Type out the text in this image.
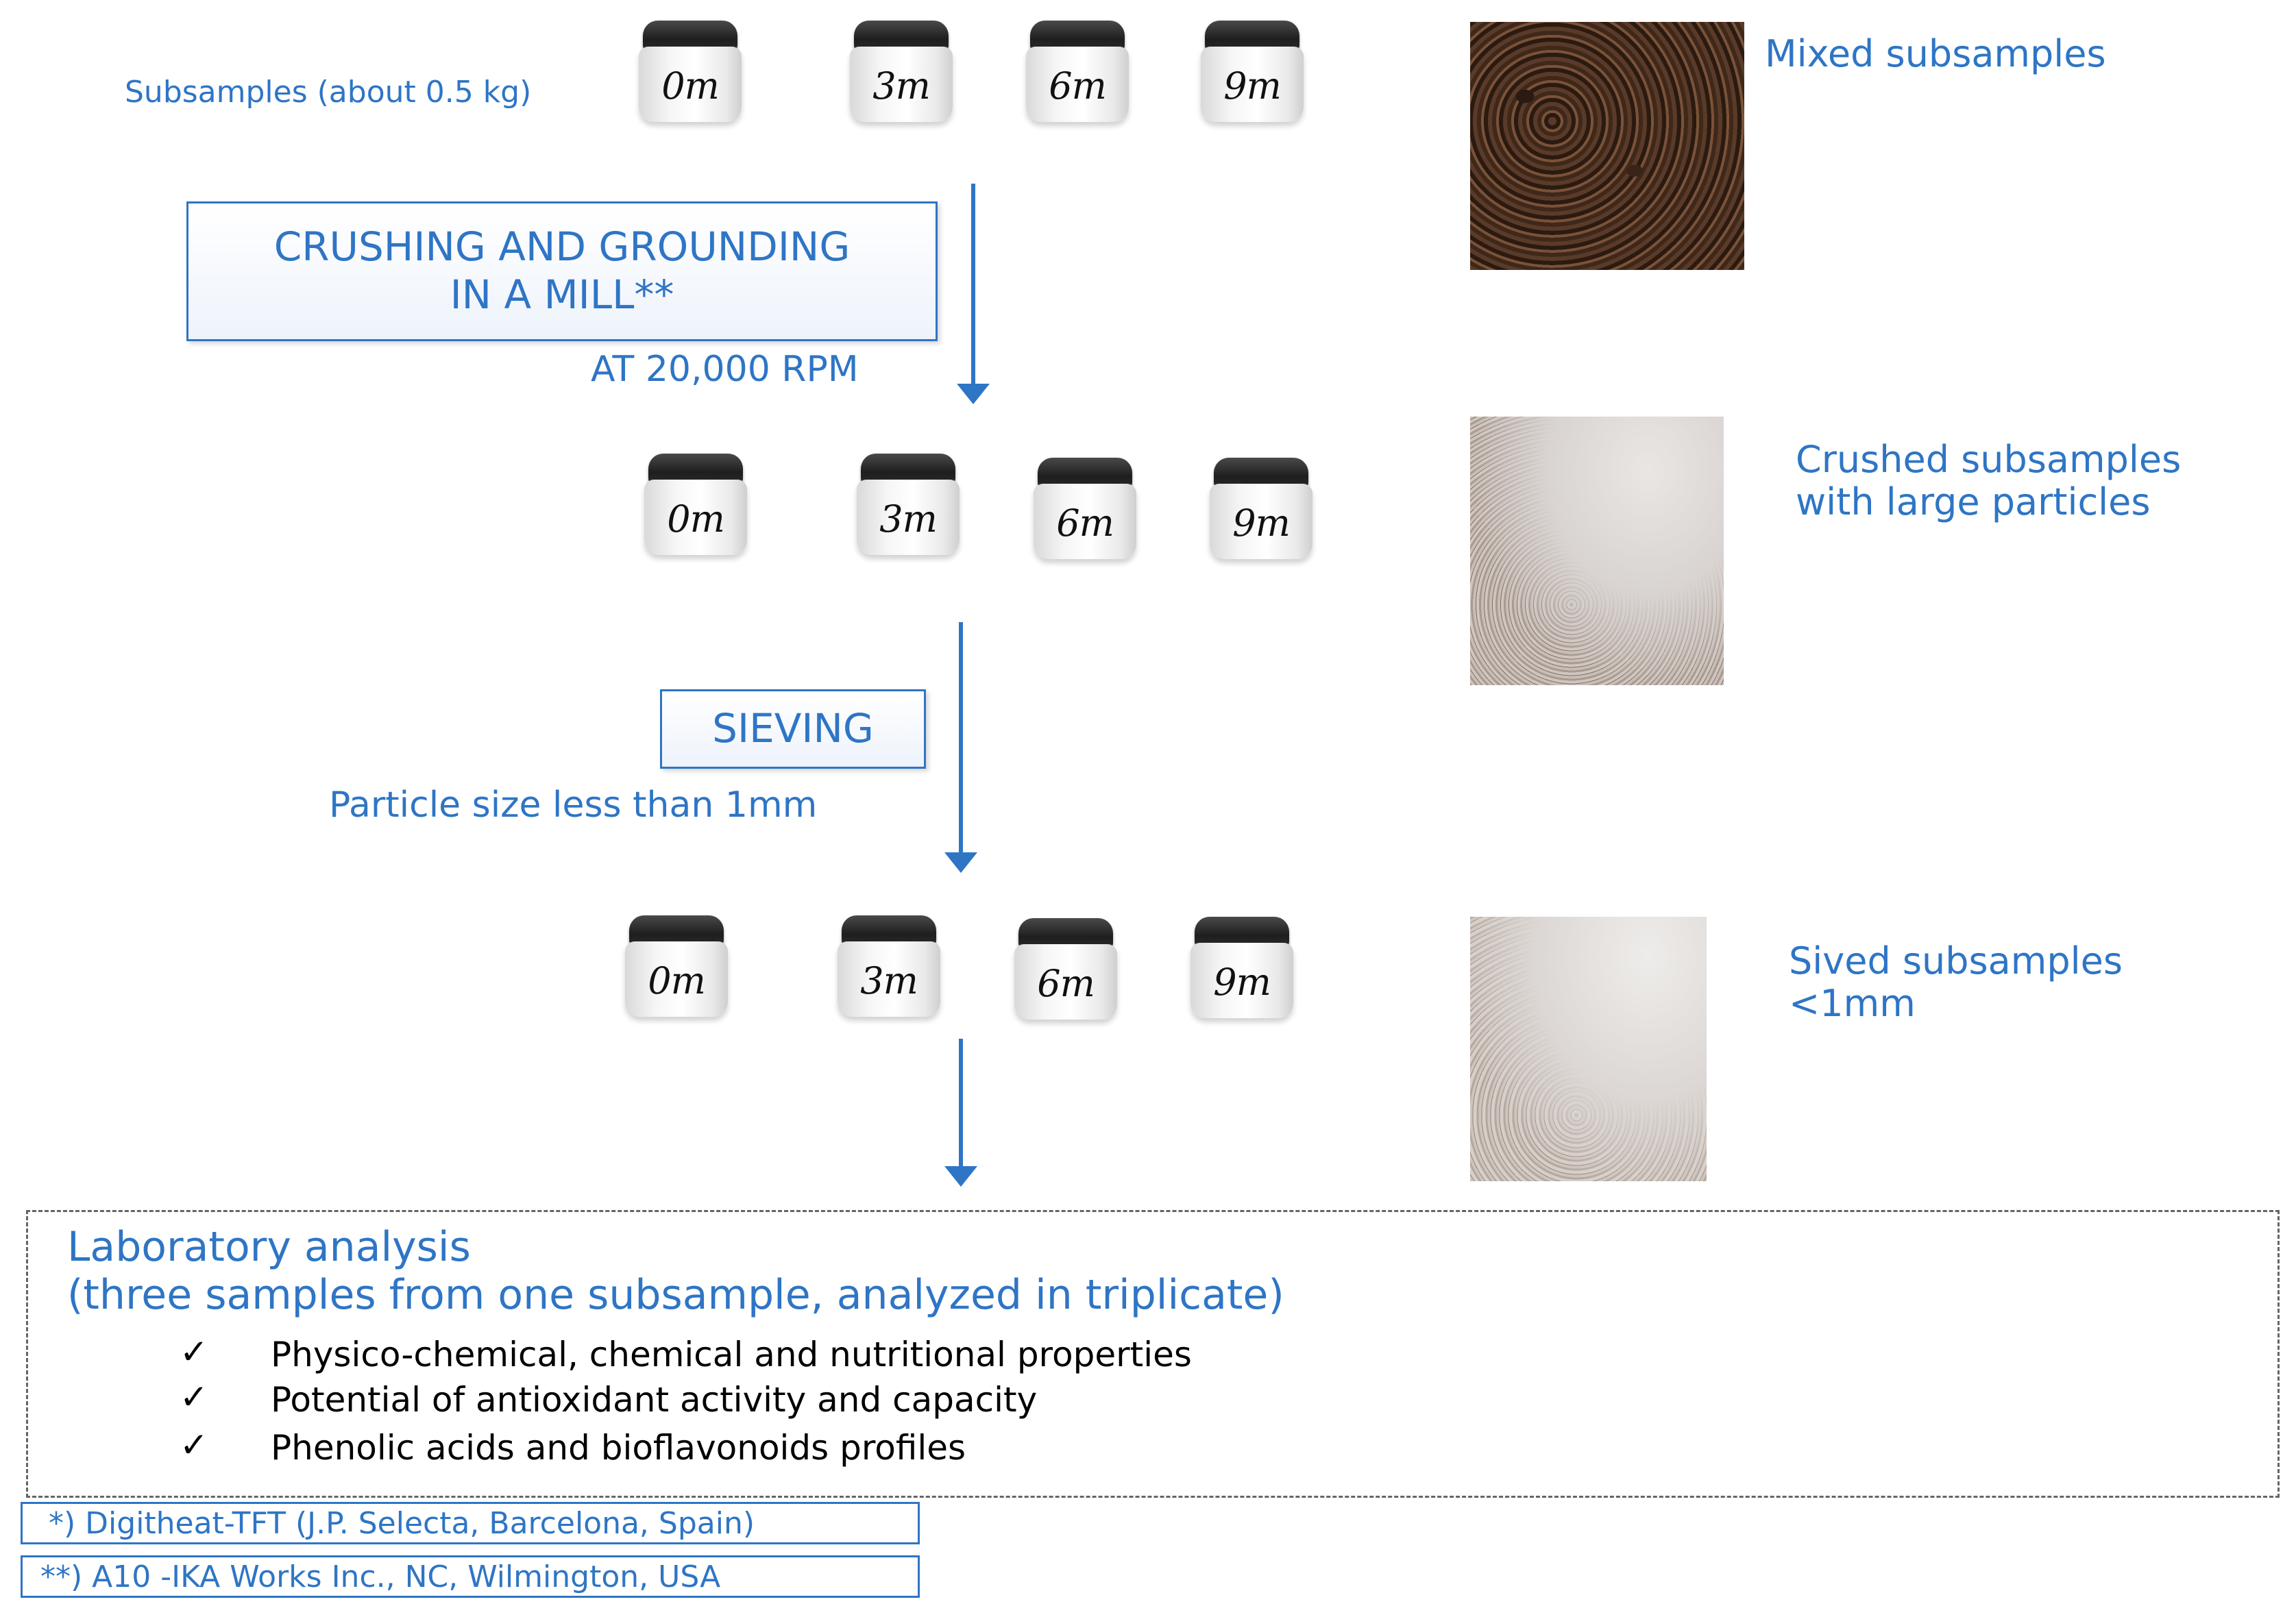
Subsamples (about 0.5 kg)	0m	3m	6m	9m
Mixed subsamples
CRUSHING AND GROUNDING IN A MILL**
AT 20,000 RPM
0m	3m	6m	9m
Crushed subsamples
with large particles
SIEVING
Particle size less than 1mm
0m	3m	6m	9m	Sived subsamples
<1mm
Laboratory analysis
(three samples from one subsample, analyzed in triplicate)
✓ Physico-chemical, chemical and nutritional properties
✓ Potential of antioxidant activity and capacity
✓ Phenolic acids and bioflavonoids profiles
*) Digitheat-TFT (J.P. Selecta, Barcelona, Spain)
**) A10 -IKA Works Inc., NC, Wilmington, USA
